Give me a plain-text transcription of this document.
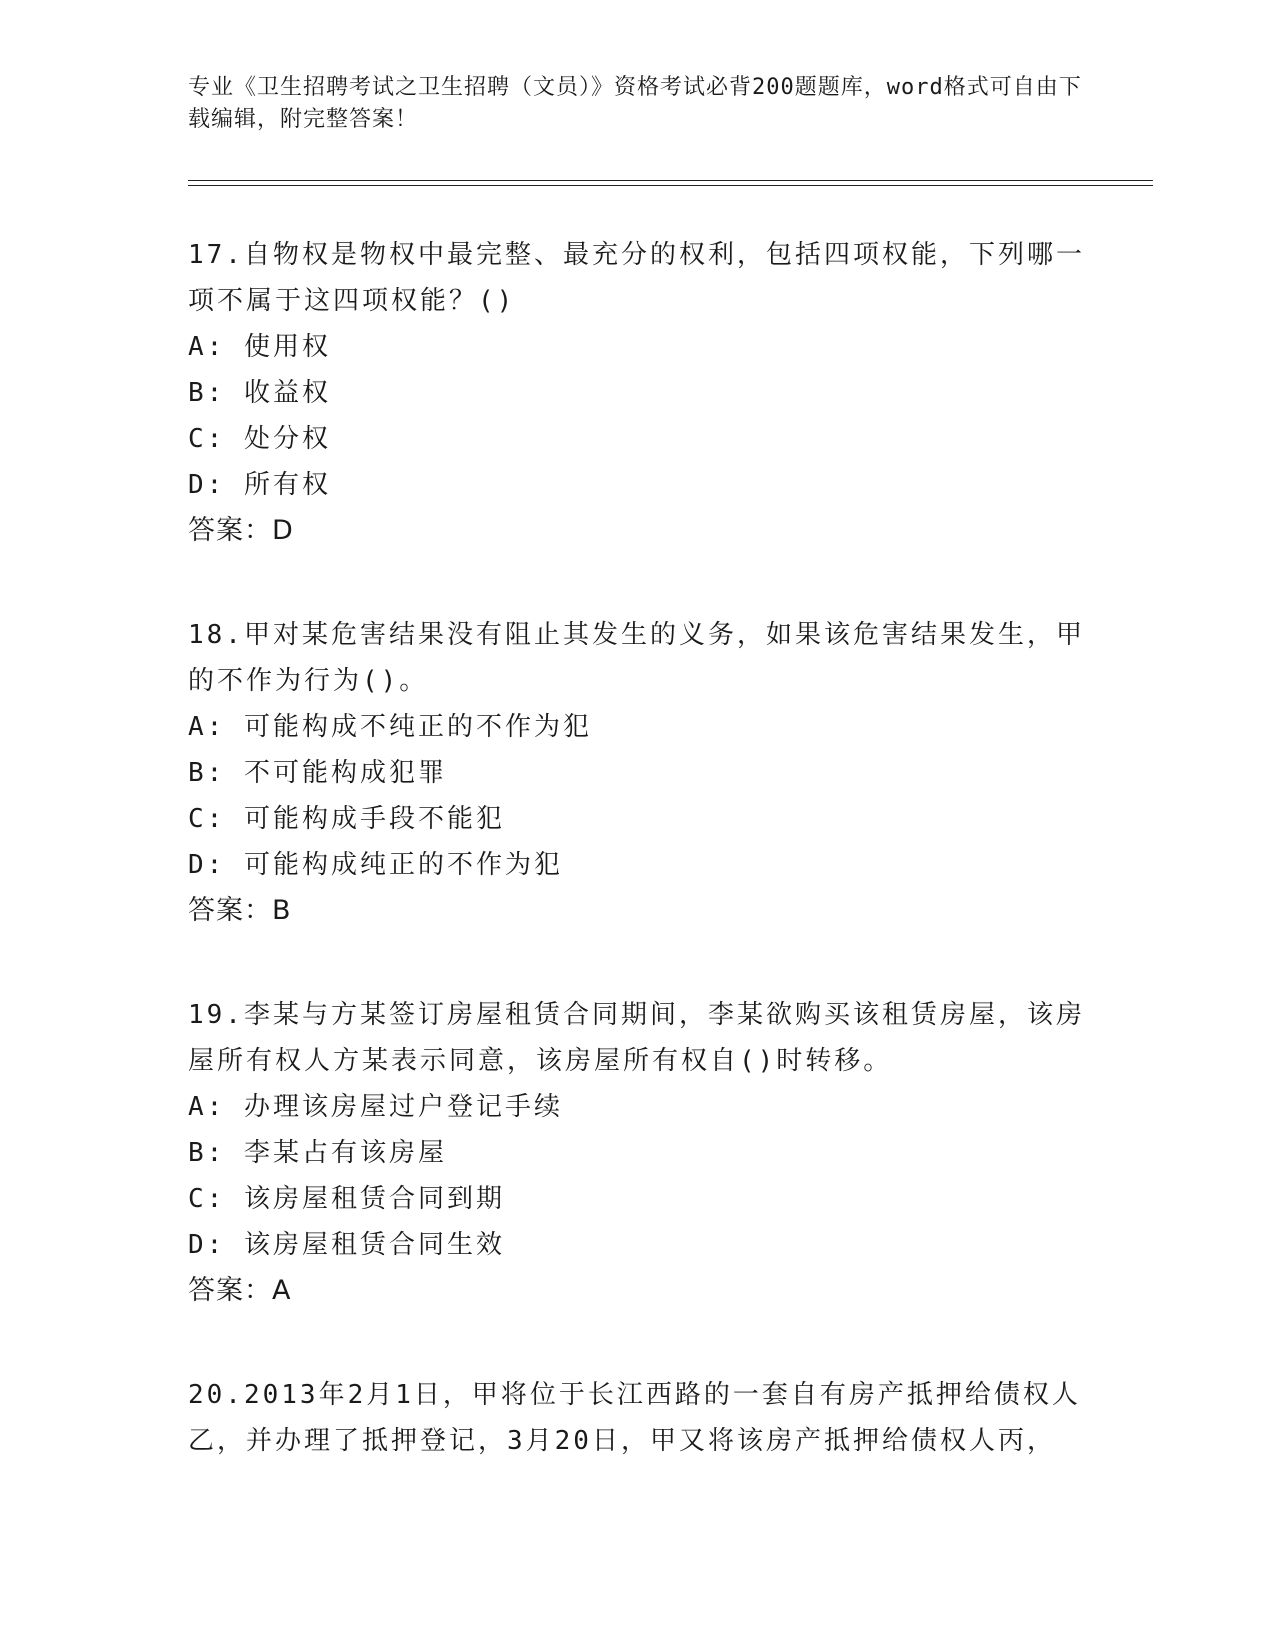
专业《卫生招聘考试之卫生招聘（文员）》资格考试必背200题题库，word格式可自由下载编辑，附完整答案！
17.自物权是物权中最完整、最充分的权利，包括四项权能，下列哪一项不属于这四项权能？()
A: 使用权
B: 收益权
C: 处分权
D: 所有权
答案：D
18.甲对某危害结果没有阻止其发生的义务，如果该危害结果发生，甲的不作为行为()。
A: 可能构成不纯正的不作为犯
B: 不可能构成犯罪
C: 可能构成手段不能犯
D: 可能构成纯正的不作为犯
答案：B
19.李某与方某签订房屋租赁合同期间，李某欲购买该租赁房屋，该房屋所有权人方某表示同意，该房屋所有权自()时转移。
A: 办理该房屋过户登记手续
B: 李某占有该房屋
C: 该房屋租赁合同到期
D: 该房屋租赁合同生效
答案：A
20.2013年2月1日，甲将位于长江西路的一套自有房产抵押给债权人乙，并办理了抵押登记，3月20日，甲又将该房产抵押给债权人丙，
